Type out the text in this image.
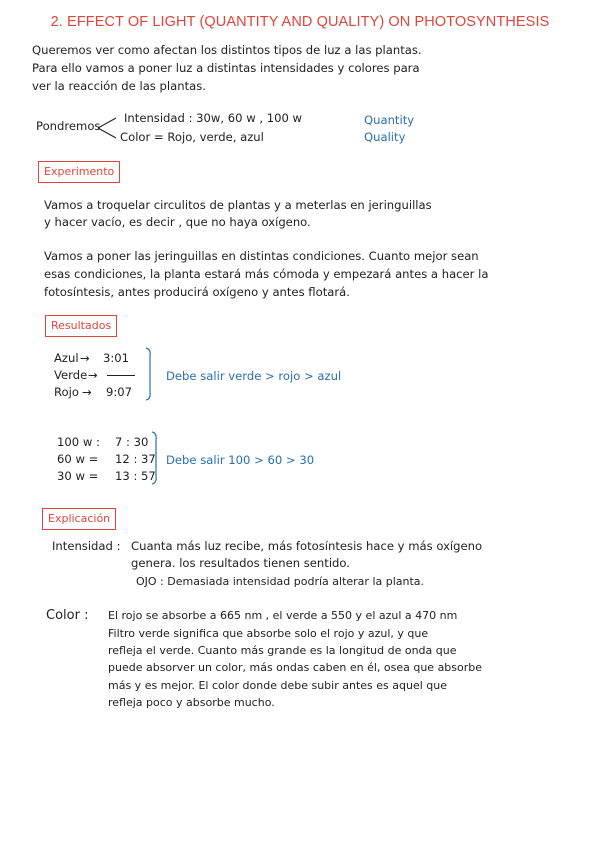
2. EFFECT OF LIGHT (QUANTITY AND QUALITY) ON PHOTOSYNTHESIS
Queremos ver como afectan los distintos tipos de luz a las plantas.
Para ello vamos a poner luz a distintas intensidades y colores para
ver la reacción de las plantas.
Pondremos
Intensidad : 30w, 60 w , 100 w
Color = Rojo, verde, azul
Quantity
Quality
Experimento
Vamos a troquelar circulitos de plantas y a meterlas en jeringuillas
y hacer vacío, es decir , que no haya oxígeno.
Vamos a poner las jeringuillas en distintas condiciones. Cuanto mejor sean
esas condiciones, la planta estará más cómoda y empezará antes a hacer la
fotosíntesis, antes producirá oxígeno y antes flotará.
Resultados
Azul → 3:01
Verde →
Rojo → 9:07
Debe salir verde > rojo > azul
100 w : 7 : 30
60 w = 12 : 37
30 w = 13 : 57
Debe salir 100 > 60 > 30
Explicación
Intensidad : Cuanta más luz recibe, más fotosíntesis hace y más oxígeno
genera. los resultados tienen sentido.
OJO : Demasiada intensidad podría alterar la planta.
Color : El rojo se absorbe a 665 nm , el verde a 550 y el azul a 470 nm
Filtro verde significa que absorbe solo el rojo y azul, y que
refleja el verde. Cuanto más grande es la longitud de onda que
puede absorver un color, más ondas caben en él, osea que absorbe
más y es mejor. El color donde debe subir antes es aquel que
refleja poco y absorbe mucho.
